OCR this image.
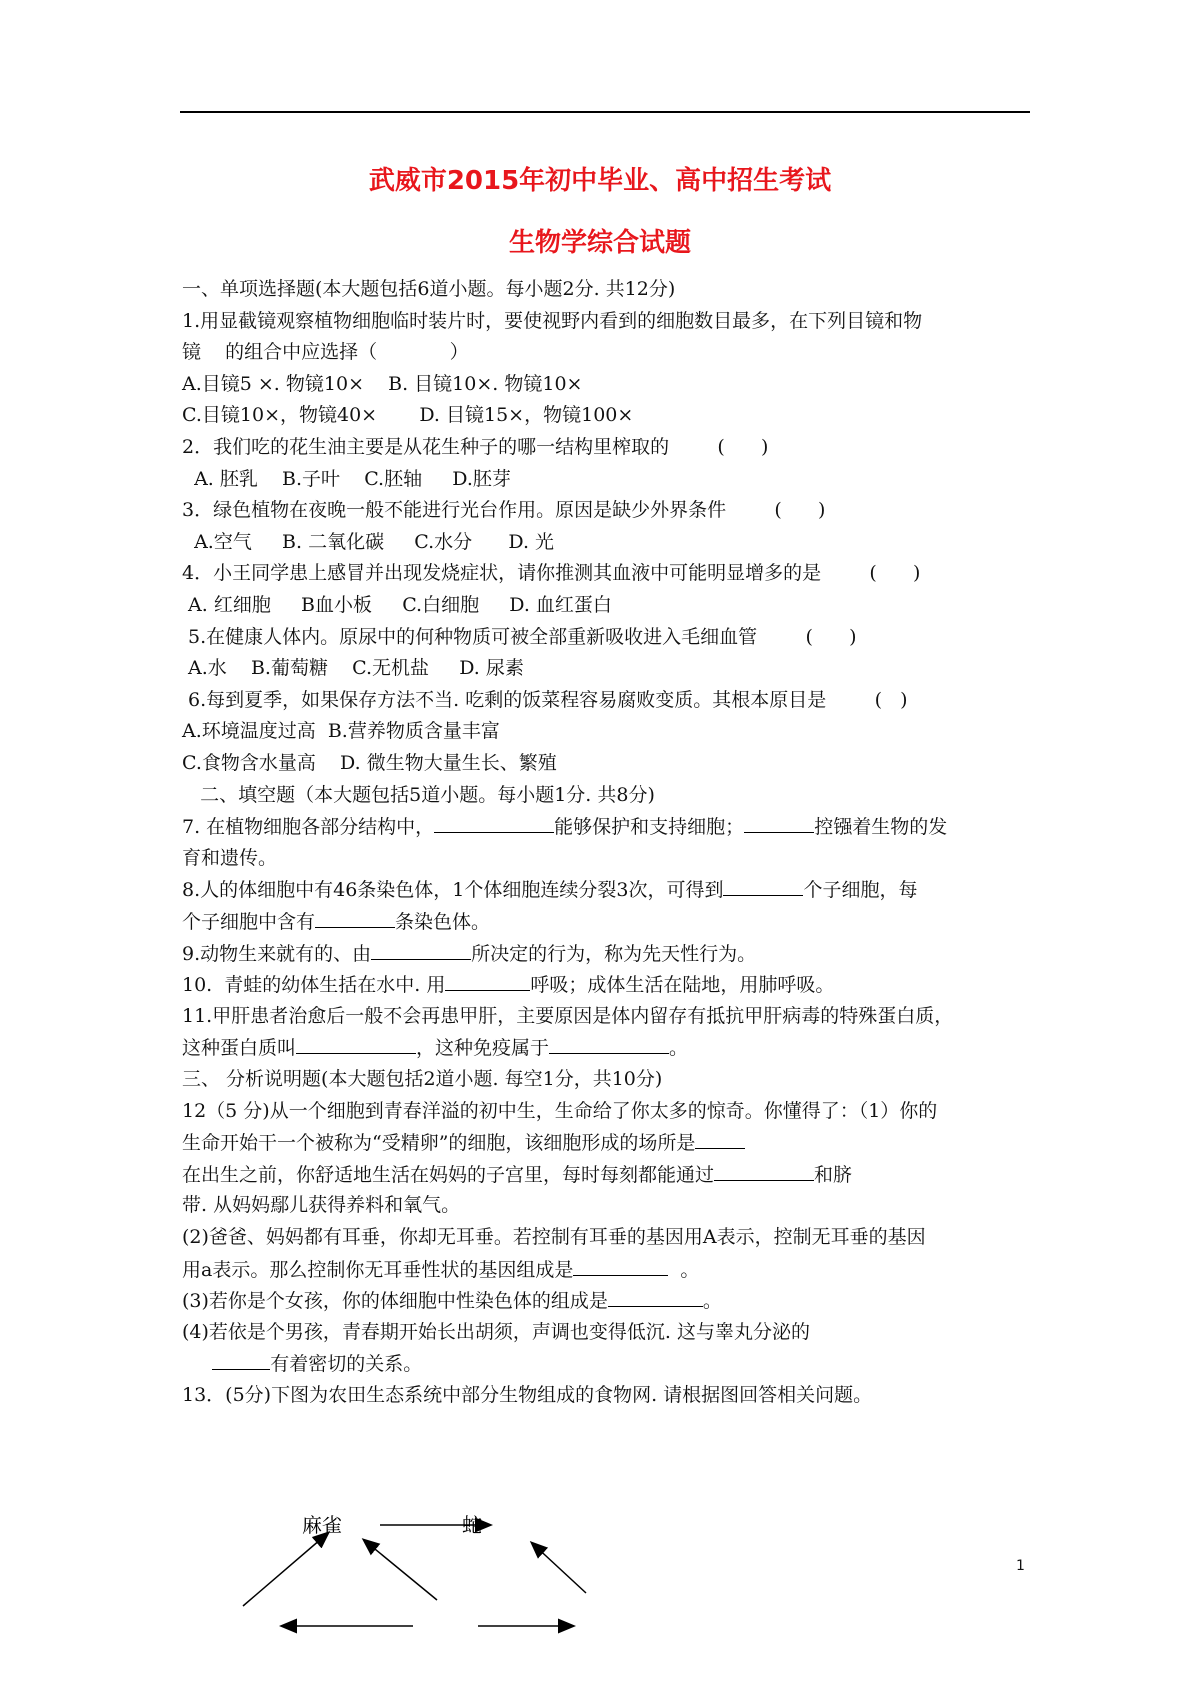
武威市2015年初中毕业、高中招生考试
生物学综合试题
一、单项选择题(本大题包括6道小题。每小题2分. 共12分)
1.用显截镜观察植物细胞临时装片时，要使视野内看到的细胞数目最多，在下列目镜和物
镜    的组合中应选择（            ）
A.目镜5 ×. 物镜10×    B. 目镜10×. 物镜10×
C.目镜10×，物镜40×       D. 目镜15×，物镜100×
2．我们吃的花生油主要是从花生种子的哪一结构里榨取的        (      )
A. 胚乳    B.子叶    C.胚轴     D.胚芽
3．绿色植物在夜晚一般不能进行光台作用。原因是缺少外界条件        (      )
A.空气     B. 二氧化碳     C.水分      D. 光
4．小王同学患上感冒并出现发烧症状，请你推测其血液中可能明显增多的是        (      )
A. 红细胞     B血小板     C.白细胞     D. 血红蛋白
5.在健康人体内。原尿中的何种物质可被全部重新吸收进入毛细血管        (      )
A.水    B.葡萄糖    C.无机盐     D. 尿素
6.每到夏季，如果保存方法不当. 吃剩的饭菜程容易腐败变质。其根本原目是        (   )
A.环境温度过高  B.营养物质含量丰富
C.食物含水量高    D. 微生物大量生长、繁殖
二、填空题（本大题包括5道小题。每小题1分. 共8分)
7. 在植物细胞各部分结构中，	能够保护和支持细胞；	控镪着生物的发
育和遗传。
8.人的体细胞中有46条染色体，1个体细胞连续分裂3次，可得到	个子细胞，每
个子细胞中含有	条染色体。
9.动物生来就有的、由	所决定的行为，称为先天性行为。
10.  青蛙的幼体生括在水中. 用	呼吸；成体生活在陆地，用肺呼吸。
11.甲肝患者治愈后一般不会再患甲肝，主要原因是体内留存有抵抗甲肝病毒的特殊蛋白质，
这种蛋白质叫	，这种免疫属于	。
三、 分析说明题(本大题包括2道小题. 每空1分，共10分)
12（5 分)从一个细胞到青春洋溢的初中生，生命给了你太多的惊奇。你懂得了：（1）你的
生命开始干一个被称为“受精卵”的细胞，该细胞形成的场所是
在出生之前，你舒适地生活在妈妈的子宫里，每时每刻都能通过	和脐
带. 从妈妈鄢儿获得养料和氧气。
(2)爸爸、妈妈都有耳垂，你却无耳垂。若控制有耳垂的基因用A表示，控制无耳垂的基因
用a表示。那么控制你无耳垂性状的基因组成是	。
(3)若你是个女孩，你的体细胞中性染色体的组成是	。
(4)若依是个男孩，青春期开始长出胡须，声调也变得低沉. 这与睾丸分泌的
有着密切的关系。
13．(5分)下图为农田生态系统中部分生物组成的食物网. 请根据图回答相关问题。
麻雀	蛇
1
